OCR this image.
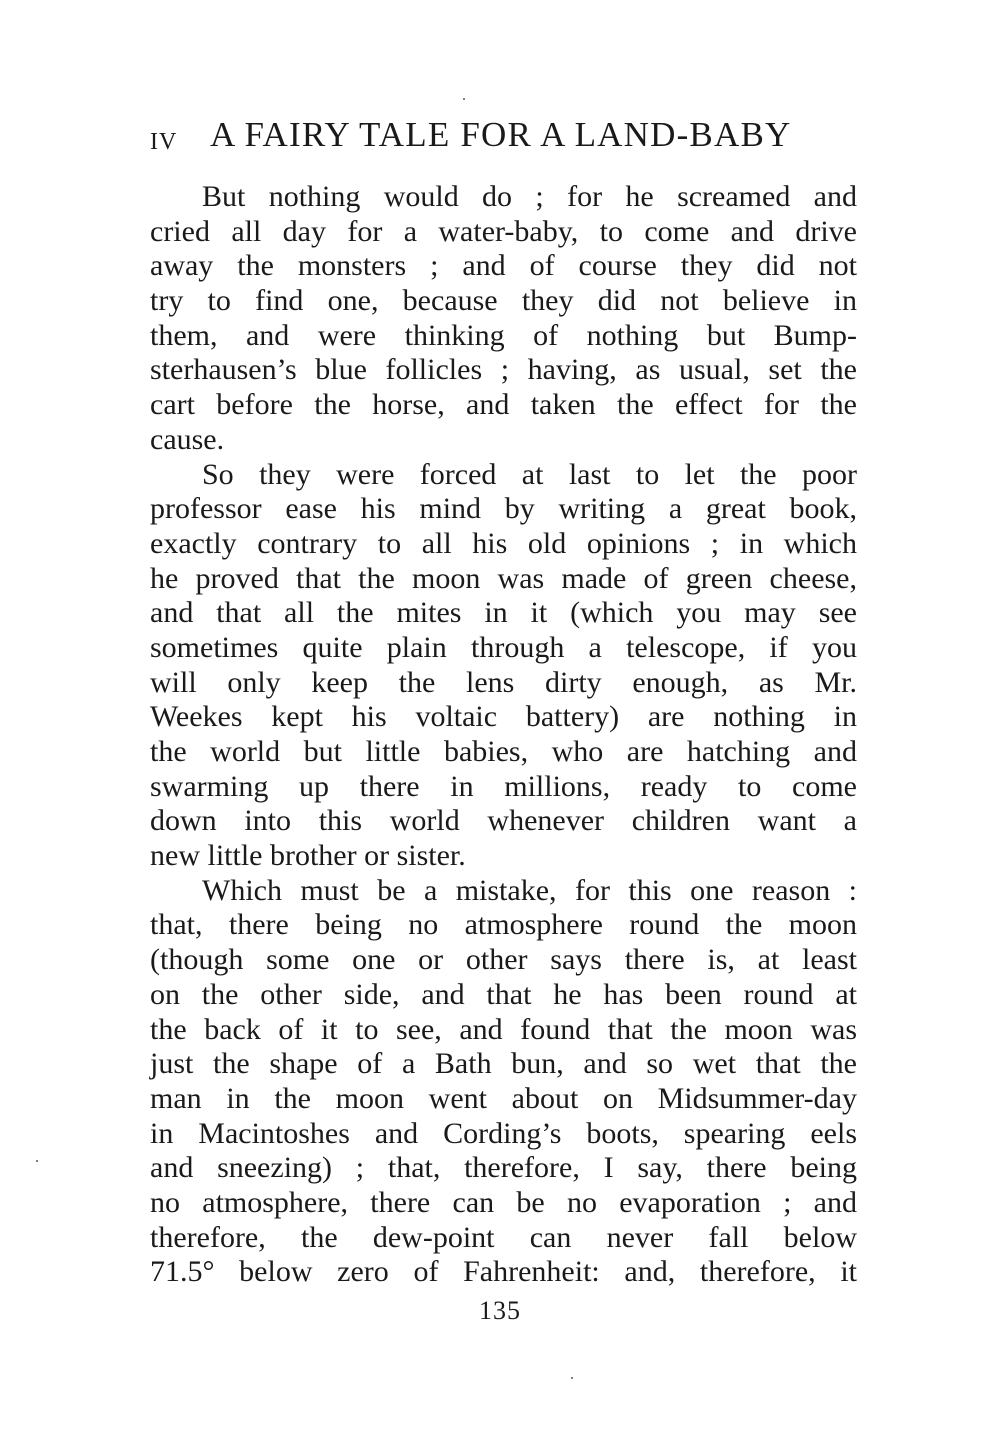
IV A FAIRY TALE FOR A LAND-BABY

But nothing would do ; for he screamed and
cried all day for a water-baby, to come and drive
away the monsters ; and of course they did not
try to find one, because they did not believe in
them, and were thinking of nothing but Bump-
sterhausen’s blue follicles ; having, as usual, set the
cart before the horse, and taken the effect for the
cause.

So they were forced at last to let the poor
professor ease his mind by writing a great book,
exactly contrary to all his old opinions ; in which
he proved that the moon was made of green cheese,
and that all the mites in it (which you may see
sometimes quite plain through a telescope, if you
will only keep the lens dirty enough, as Mr.
Weekes kept his voltaic battery) are nothing in
the world but little babies, who are hatching and
swarming up there in millions, ready to come
down into this world whenever children want a
new little brother or sister.

Which must be a mistake, for this one reason :
that, there being no atmosphere round the moon
(though some one or other says there is, at least
on the other side, and that he has been round at
the back of it to see, and found that the moon was
just the shape of a Bath bun, and so wet that the
man in the moon went about on Midsummer-day
in Macintoshes and Cording’s boots, spearing eels
and sneezing) ; that, therefore, I say, there being
no atmosphere, there can be no evaporation ; and
therefore, the dew-point can never fall below
71.5° below zero of Fahrenheit: and, therefore, it

135
